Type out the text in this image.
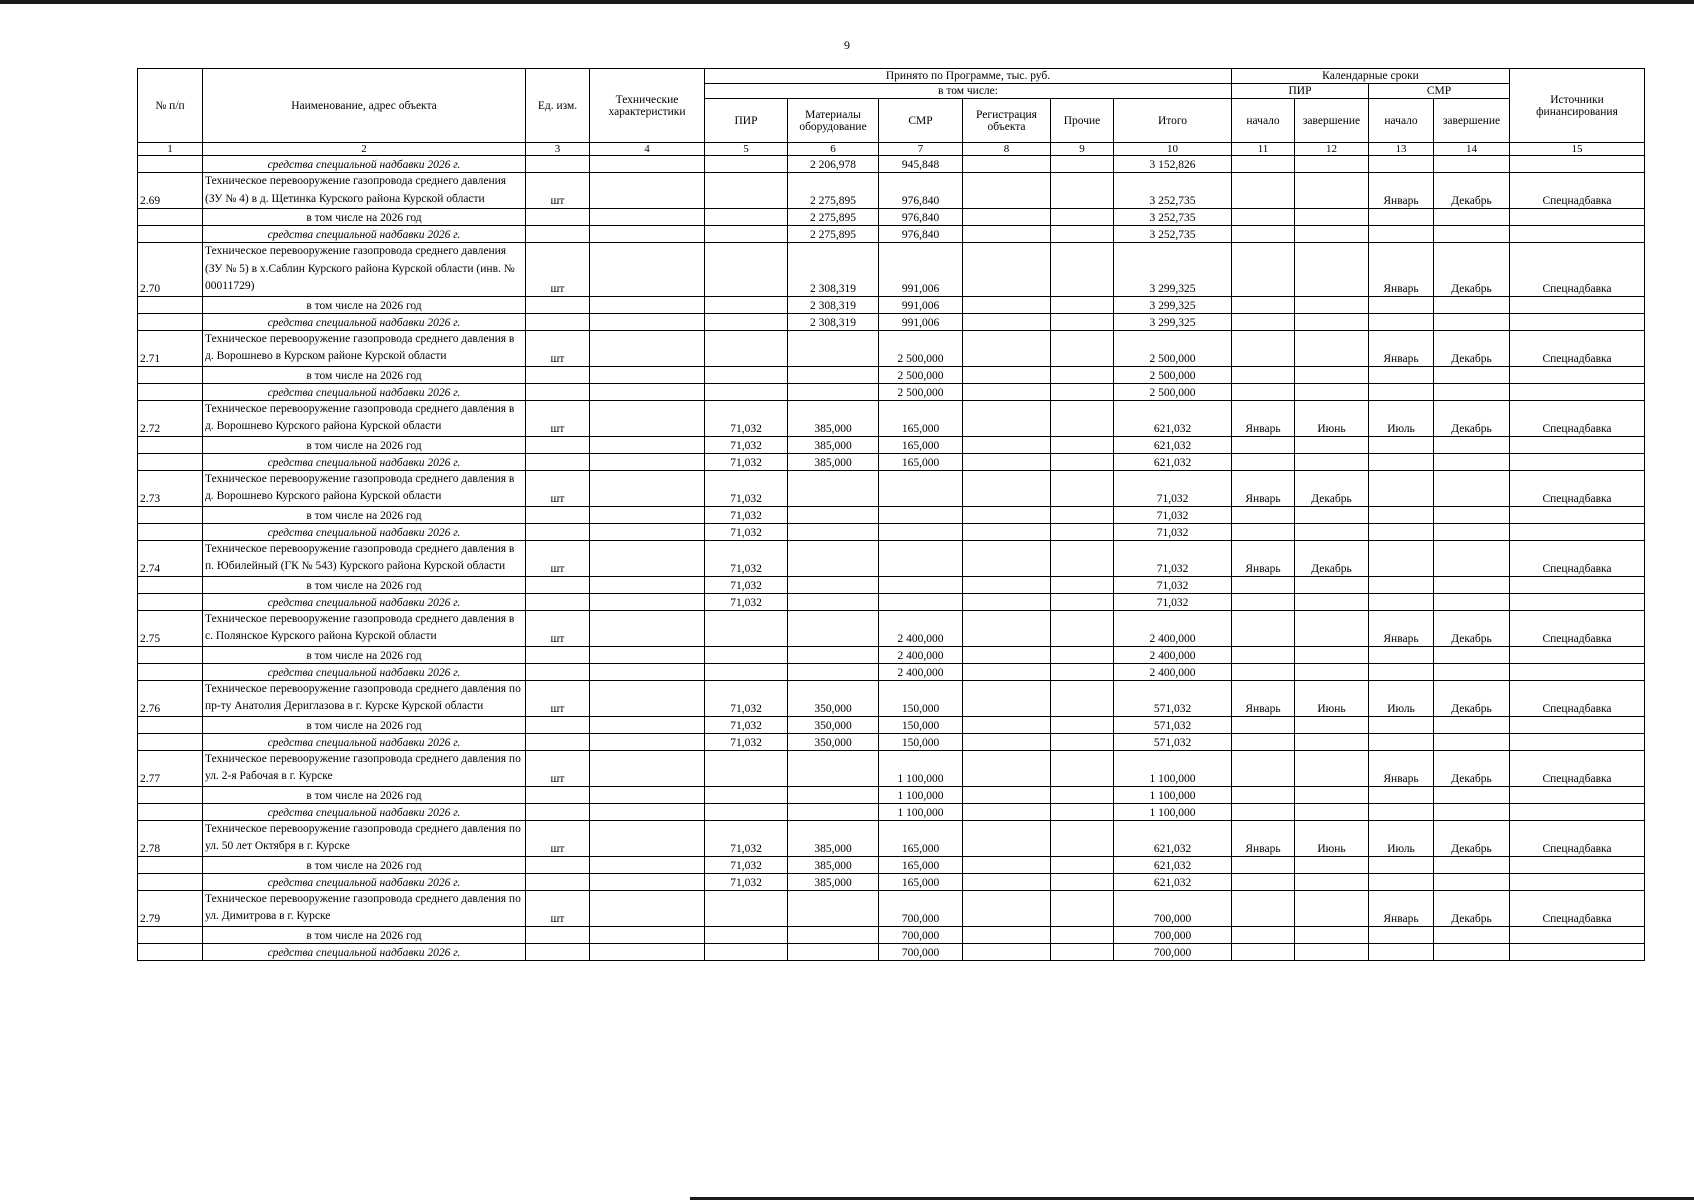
9
№ п/п	Наименование, адрес объекта	Ед. изм.	Технические характеристики	Принято по Программе, тыс. руб.						Календарные сроки				Источники финансирования
				в том числе:						ПИР		СМР		
				ПИР	Материалы оборудование	СМР	Регистрация объекта	Прочие	Итого	начало	завершение	начало	завершение	

1	2	3	4	5	6	7	8	9	10	11	12	13	14	15
	средства специальной надбавки 2026 г.				2 206,978	945,848			3 152,826					
2.69	Техническое перевооружение газопровода среднего давления (ЗУ № 4) в д. Щетинка Курского района Курской области	шт			2 275,895	976,840			3 252,735			Январь	Декабрь	Спецнадбавка
	в том числе на 2026 год				2 275,895	976,840			3 252,735					
	средства специальной надбавки 2026 г.				2 275,895	976,840			3 252,735					
2.70	Техническое перевооружение газопровода среднего давления (ЗУ № 5) в х.Саблин Курского района Курской области (инв. № 00011729)	шт			2 308,319	991,006			3 299,325			Январь	Декабрь	Спецнадбавка
	в том числе на 2026 год				2 308,319	991,006			3 299,325					
	средства специальной надбавки 2026 г.				2 308,319	991,006			3 299,325					
2.71	Техническое перевооружение газопровода среднего давления в д. Ворошнево в Курском районе Курской области	шт				2 500,000			2 500,000			Январь	Декабрь	Спецнадбавка
	в том числе на 2026 год					2 500,000			2 500,000					
	средства специальной надбавки 2026 г.					2 500,000			2 500,000					
2.72	Техническое перевооружение газопровода среднего давления в д. Ворошнево Курского района Курской области	шт		71,032	385,000	165,000			621,032	Январь	Июнь	Июль	Декабрь	Спецнадбавка
	в том числе на 2026 год			71,032	385,000	165,000			621,032					
	средства специальной надбавки 2026 г.			71,032	385,000	165,000			621,032					
2.73	Техническое перевооружение газопровода среднего давления в д. Ворошнево Курского района Курской области	шт		71,032					71,032	Январь	Декабрь			Спецнадбавка
	в том числе на 2026 год			71,032					71,032					
	средства специальной надбавки 2026 г.			71,032					71,032					
2.74	Техническое перевооружение газопровода среднего давления в п. Юбилейный (ГК № 543) Курского района Курской области	шт		71,032					71,032	Январь	Декабрь			Спецнадбавка
	в том числе на 2026 год			71,032					71,032					
	средства специальной надбавки 2026 г.			71,032					71,032					
2.75	Техническое перевооружение газопровода среднего давления в с. Полянское Курского района Курской области	шт				2 400,000			2 400,000			Январь	Декабрь	Спецнадбавка
	в том числе на 2026 год					2 400,000			2 400,000					
	средства специальной надбавки 2026 г.					2 400,000			2 400,000					
2.76	Техническое перевооружение газопровода среднего давления по пр-ту Анатолия Дериглазова в г. Курске Курской области	шт		71,032	350,000	150,000			571,032	Январь	Июнь	Июль	Декабрь	Спецнадбавка
	в том числе на 2026 год			71,032	350,000	150,000			571,032					
	средства специальной надбавки 2026 г.			71,032	350,000	150,000			571,032					
2.77	Техническое перевооружение газопровода среднего давления по ул. 2-я Рабочая в г. Курске	шт				1 100,000			1 100,000			Январь	Декабрь	Спецнадбавка
	в том числе на 2026 год					1 100,000			1 100,000					
	средства специальной надбавки 2026 г.					1 100,000			1 100,000					
2.78	Техническое перевооружение газопровода среднего давления по ул. 50 лет Октября в г. Курске	шт		71,032	385,000	165,000			621,032	Январь	Июнь	Июль	Декабрь	Спецнадбавка
	в том числе на 2026 год			71,032	385,000	165,000			621,032					
	средства специальной надбавки 2026 г.			71,032	385,000	165,000			621,032					
2.79	Техническое перевооружение газопровода среднего давления по ул. Димитрова в г. Курске	шт				700,000			700,000			Январь	Декабрь	Спецнадбавка
	в том числе на 2026 год					700,000			700,000					
	средства специальной надбавки 2026 г.					700,000			700,000					
